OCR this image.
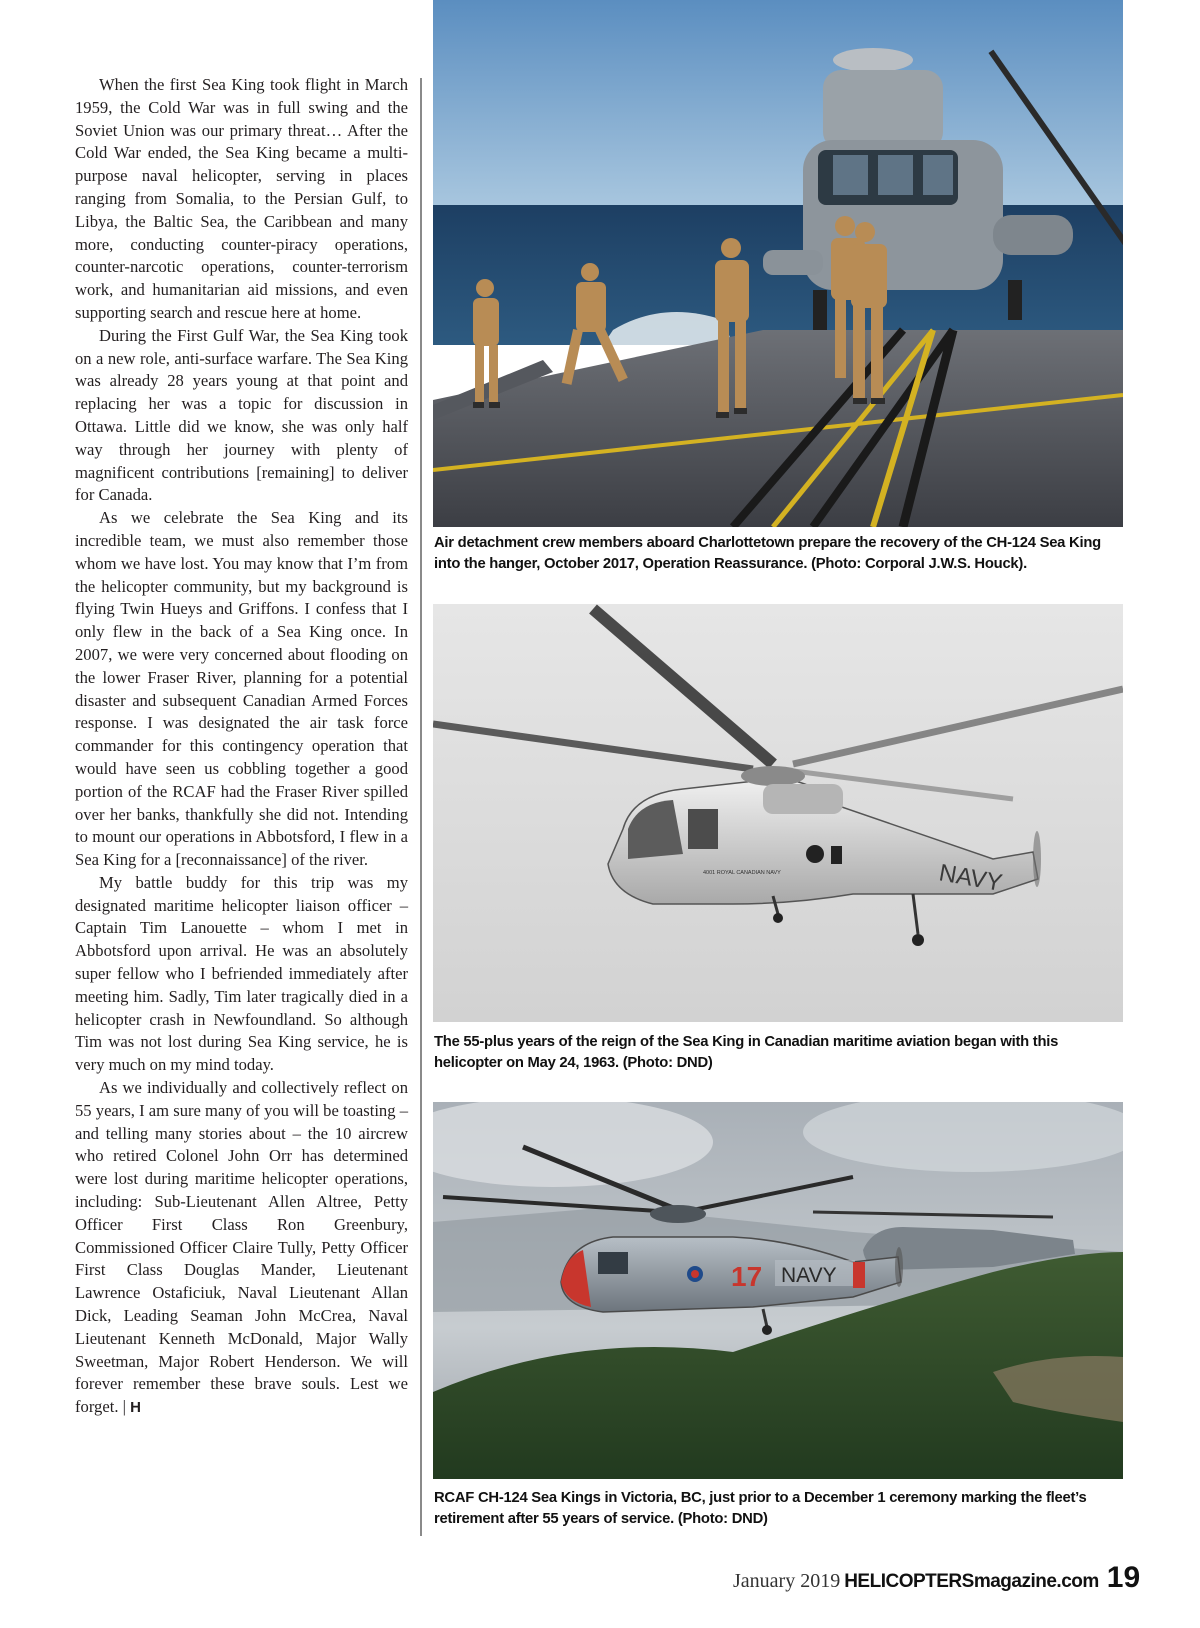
When the first Sea King took flight in March 1959, the Cold War was in full swing and the Soviet Union was our primary threat… After the Cold War ended, the Sea King became a multi-purpose naval helicopter, serving in places ranging from Somalia, to the Persian Gulf, to Libya, the Baltic Sea, the Caribbean and many more, conducting counter-piracy operations, counter-narcotic operations, counter-terrorism work, and humanitarian aid missions, and even supporting search and rescue here at home.

During the First Gulf War, the Sea King took on a new role, anti-surface warfare. The Sea King was already 28 years young at that point and replacing her was a topic for discussion in Ottawa. Little did we know, she was only half way through her journey with plenty of magnificent contributions [remaining] to deliver for Canada.

As we celebrate the Sea King and its incredible team, we must also remember those whom we have lost. You may know that I’m from the helicopter community, but my background is flying Twin Hueys and Griffons. I confess that I only flew in the back of a Sea King once. In 2007, we were very concerned about flooding on the lower Fraser River, planning for a potential disaster and subsequent Canadian Armed Forces response. I was designated the air task force commander for this contingency operation that would have seen us cobbling together a good portion of the RCAF had the Fraser River spilled over her banks, thankfully she did not. Intending to mount our operations in Abbotsford, I flew in a Sea King for a [reconnaissance] of the river.

My battle buddy for this trip was my designated maritime helicopter liaison officer – Captain Tim Lanouette – whom I met in Abbotsford upon arrival. He was an absolutely super fellow who I befriended immediately after meeting him. Sadly, Tim later tragically died in a helicopter crash in Newfoundland. So although Tim was not lost during Sea King service, he is very much on my mind today.

As we individually and collectively reflect on 55 years, I am sure many of you will be toasting – and telling many stories about – the 10 aircrew who retired Colonel John Orr has determined were lost during maritime helicopter operations, including: Sub-Lieutenant Allen Altree, Petty Officer First Class Ron Greenbury, Commissioned Officer Claire Tully, Petty Officer First Class Douglas Mander, Lieutenant Lawrence Ostaficiuk, Naval Lieutenant Allan Dick, Leading Seaman John McCrea, Naval Lieutenant Kenneth McDonald, Major Wally Sweetman, Major Robert Henderson. We will forever remember these brave souls. Lest we forget. | H

Air detachment crew members aboard Charlottetown prepare the recovery of the CH-124 Sea King into the hanger, October 2017, Operation Reassurance. (Photo: Corporal J.W.S. Houck).
NAVY
4001 ROYAL CANADIAN NAVY
The 55-plus years of the reign of the Sea King in Canadian maritime aviation began with this helicopter on May 24, 1963. (Photo: DND)
17 NAVY
RCAF CH-124 Sea Kings in Victoria, BC, just prior to a December 1 ceremony marking the fleet’s retirement after 55 years of service. (Photo: DND)
January 2019 HELICOPTERSmagazine.com 19
